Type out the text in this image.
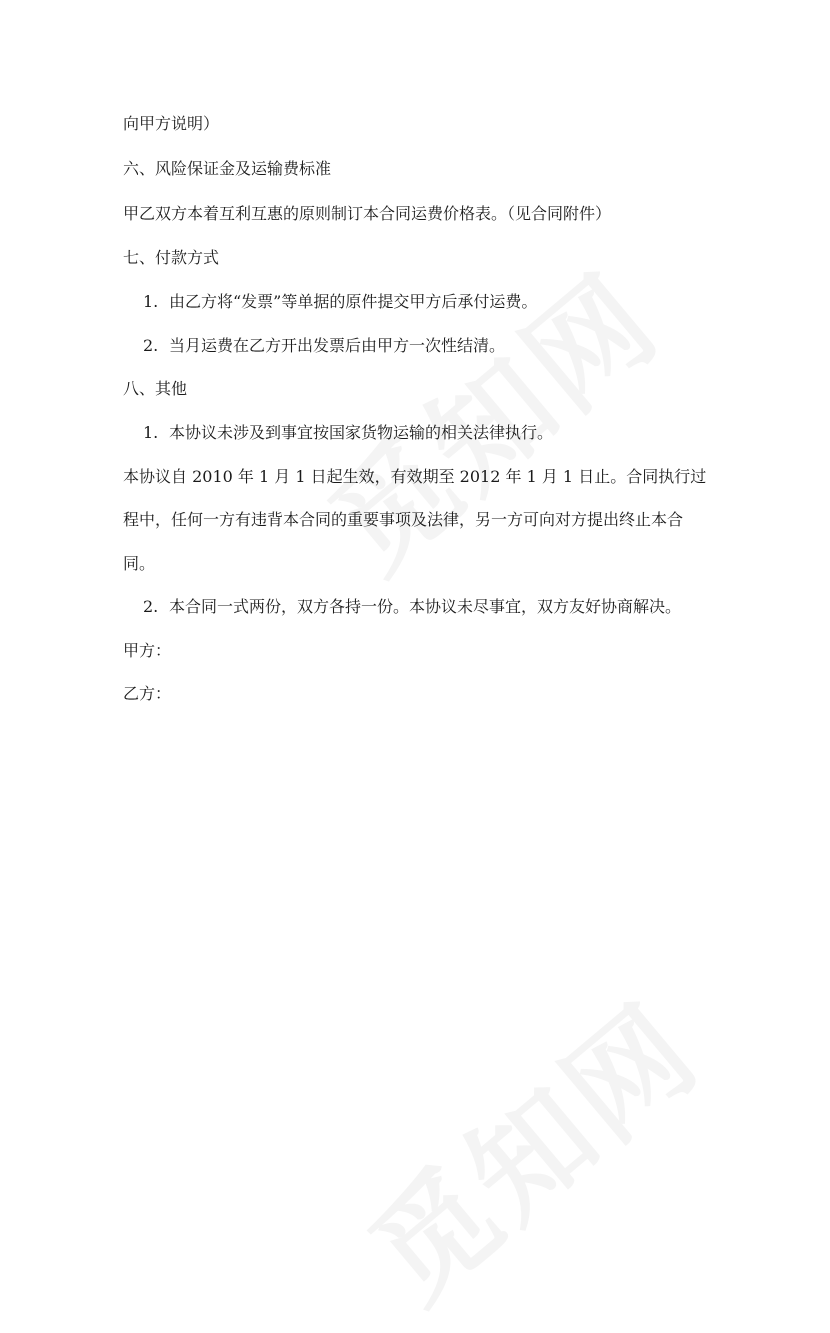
向甲方说明）

六、风险保证金及运输费标准

甲乙双方本着互利互惠的原则制订本合同运费价格表。（见合同附件）

七、付款方式

1. 由乙方将“发票”等单据的原件提交甲方后承付运费。

2. 当月运费在乙方开出发票后由甲方一次性结清。

八、其他

1. 本协议未涉及到事宜按国家货物运输的相关法律执行。

本协议自 2010 年 1 月 1 日起生效，有效期至 2012 年 1 月 1 日止。合同执行过

程中，任何一方有违背本合同的重要事项及法律，另一方可向对方提出终止本合

同。

2. 本合同一式两份，双方各持一份。本协议未尽事宜，双方友好协商解决。

甲方：

乙方：
